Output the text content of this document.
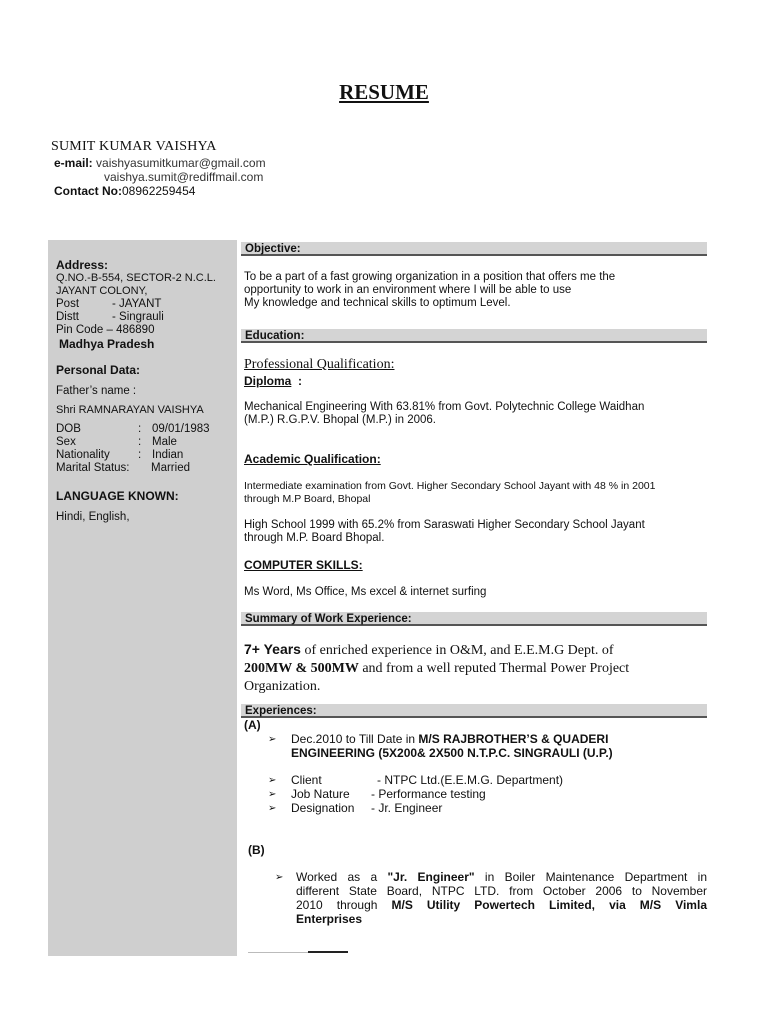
RESUME
SUMIT KUMAR VAISHYA
e-mail: vaishyasumitkumar@gmail.com
vaishya.sumit@rediffmail.com
Contact No:08962259454
Address:
Q.NO.-B-554, SECTOR-2 N.C.L.
JAYANT COLONY,
Post	- JAYANT
Distt	- Singrauli
Pin Code – 486890
Madhya Pradesh
Personal Data:
Father’s name :
Shri RAMNARAYAN VAISHYA
DOB	: 09/01/1983
Sex	: Male
Nationality	: Indian
Marital Status:	Married
LANGUAGE KNOWN:
Hindi, English,
Objective:
To be a part of a fast growing organization in a position that offers me the
opportunity to work in an environment where I will be able to use
My knowledge and technical skills to optimum Level.
Education:
Professional Qualification:
Diploma :
Mechanical Engineering With 63.81% from Govt. Polytechnic College Waidhan
(M.P.) R.G.P.V. Bhopal (M.P.) in 2006.
Academic Qualification:
Intermediate examination from Govt. Higher Secondary School Jayant with 48 % in 2001
through M.P Board, Bhopal
High School 1999 with 65.2% from Saraswati Higher Secondary School Jayant
through M.P. Board Bhopal.
COMPUTER SKILLS:
Ms Word, Ms Office, Ms excel & internet surfing
Summary of Work Experience:
7+ Years of enriched experience in O&M, and E.E.M.G Dept. of
200MW & 500MW and from a well reputed Thermal Power Project
Organization.
Experiences:
(A)
➢ Dec.2010 to Till Date in M/S RAJBROTHER’S & QUADERI
ENGINEERING (5X200& 2X500 N.T.P.C. SINGRAULI (U.P.)
➢
➢
➢
Client	- NTPC Ltd.(E.E.M.G. Department)
Job Nature	- Performance testing
Designation	- Jr. Engineer
(B)
➢ Worked as a "Jr. Engineer" in Boiler Maintenance Department in
different State Board, NTPC LTD. from October 2006 to November
2010 through M/S Utility Powertech Limited, via M/S Vimla
Enterprises
